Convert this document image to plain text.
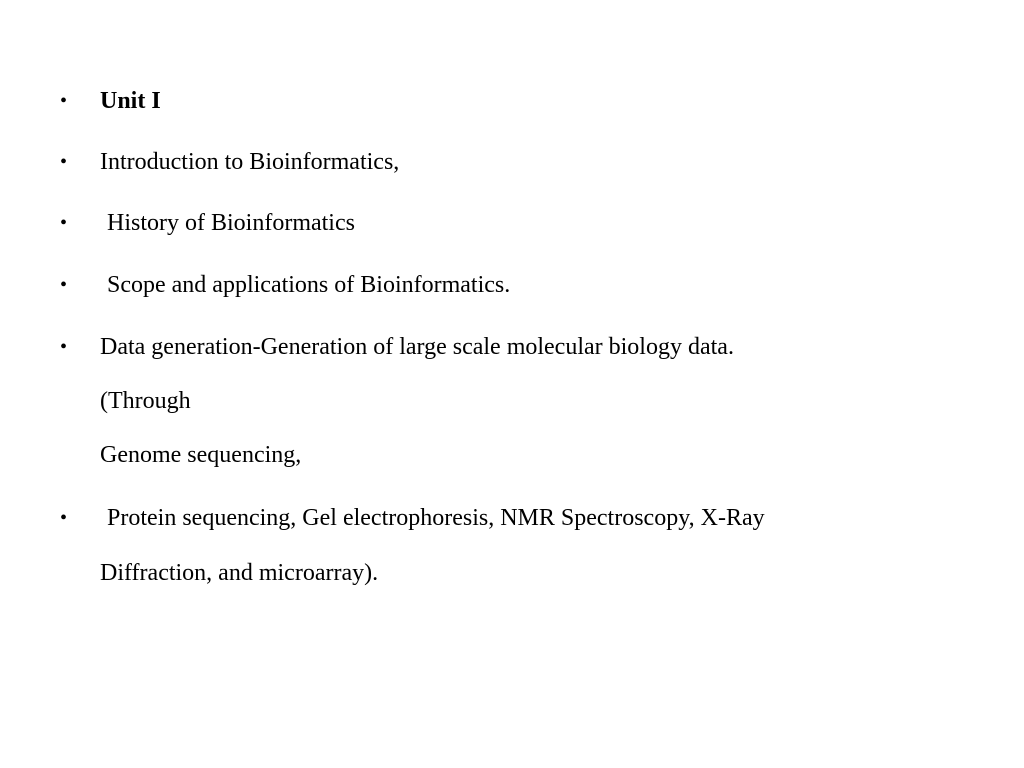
• Unit I
• Introduction to Bioinformatics,
• History of Bioinformatics
• Scope and applications of Bioinformatics.
• Data generation-Generation of large scale molecular biology data.
(Through
Genome sequencing,
• Protein sequencing, Gel electrophoresis, NMR Spectroscopy, X-Ray
Diffraction, and microarray).
